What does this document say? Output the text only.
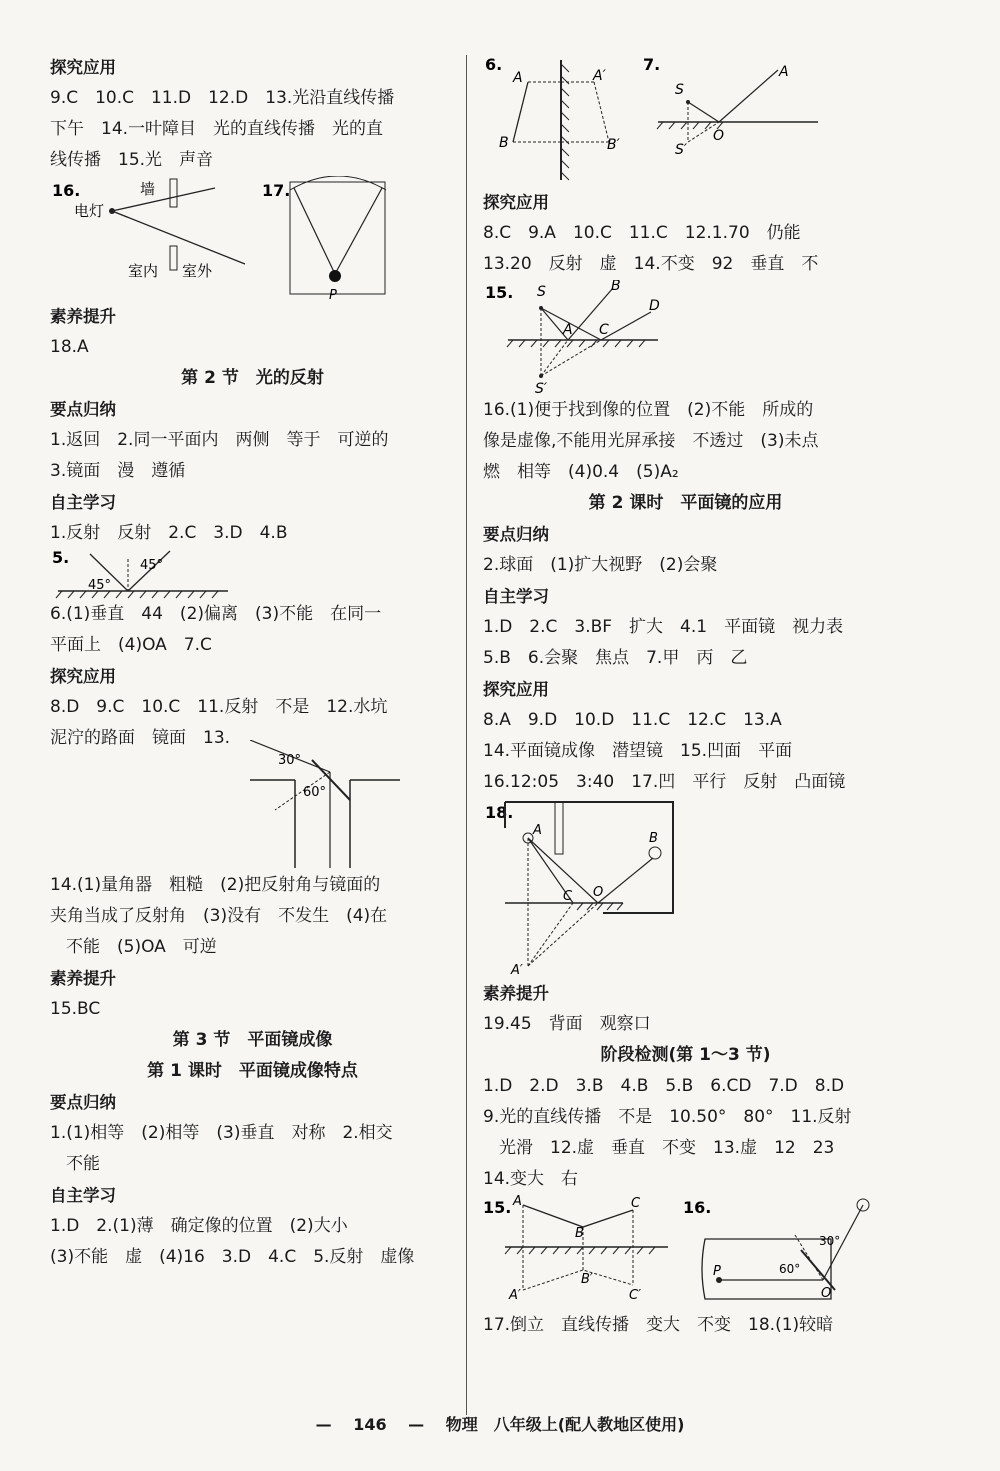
探究应用
9.C　10.C　11.D　12.D　13.光沿直线传播
下午　14.一叶障目　光的直线传播　光的直
线传播　15.光　声音
16.	墙
电灯
室内 室外
17.
P
素养提升
18.A
第 2 节　光的反射
要点归纳
1.返回　2.同一平面内　两侧　等于　可逆的
3.镜面　漫　遵循
自主学习
1.反射　反射　2.C　3.D　4.B
5.
45°
45°
6.(1)垂直　44　(2)偏离　(3)不能　在同一
平面上　(4)OA　7.C
探究应用
8.D　9.C　10.C　11.反射　不是　12.水坑
泥泞的路面　镜面　13.
30°
60°
14.(1)量角器　粗糙　(2)把反射角与镜面的
夹角当成了反射角　(3)没有　不发生　(4)在
不能　(5)OA　可逆
素养提升
15.BC
第 3 节　平面镜成像
第 1 课时　平面镜成像特点
要点归纳
1.(1)相等　(2)相等　(3)垂直　对称　2.相交
不能
自主学习
1.D　2.(1)薄　确定像的位置　(2)大小
(3)不能　虚　(4)16　3.D　4.C　5.反射　虚像
6.
A	A′
B	B′
7.
S
S′
O
A
探究应用
8.C　9.A　10.C　11.C　12.1.70　仍能
13.20　反射　虚　14.不变　92　垂直　不
15. S	B
D
A C
S′
16.(1)便于找到像的位置　(2)不能　所成的
像是虚像,不能用光屏承接　不透过　(3)未点
燃　相等　(4)0.4　(5)A₂
第 2 课时　平面镜的应用
要点归纳
2.球面　(1)扩大视野　(2)会聚
自主学习
1.D　2.C　3.BF　扩大　4.1　平面镜　视力表
5.B　6.会聚　焦点　7.甲　丙　乙
探究应用
8.A　9.D　10.D　11.C　12.C　13.A
14.平面镜成像　潜望镜　15.凹面　平面
16.12:05　3:40　17.凹　平行　反射　凸面镜
18.
A
B
C O
A′
素养提升
19.45　背面　观察口
阶段检测(第 1～3 节)
1.D　2.D　3.B　4.B　5.B　6.CD　7.D　8.D
9.光的直线传播　不是　10.50°　80°　11.反射
光滑　12.虚　垂直　不变　13.虚　12　23
14.变大　右
15. A
B
C
A′
B′
C′
16.
P
O
30°
60°
17.倒立　直线传播　变大　不变　18.(1)较暗
— 146 — 物理　八年级上(配人教地区使用)
